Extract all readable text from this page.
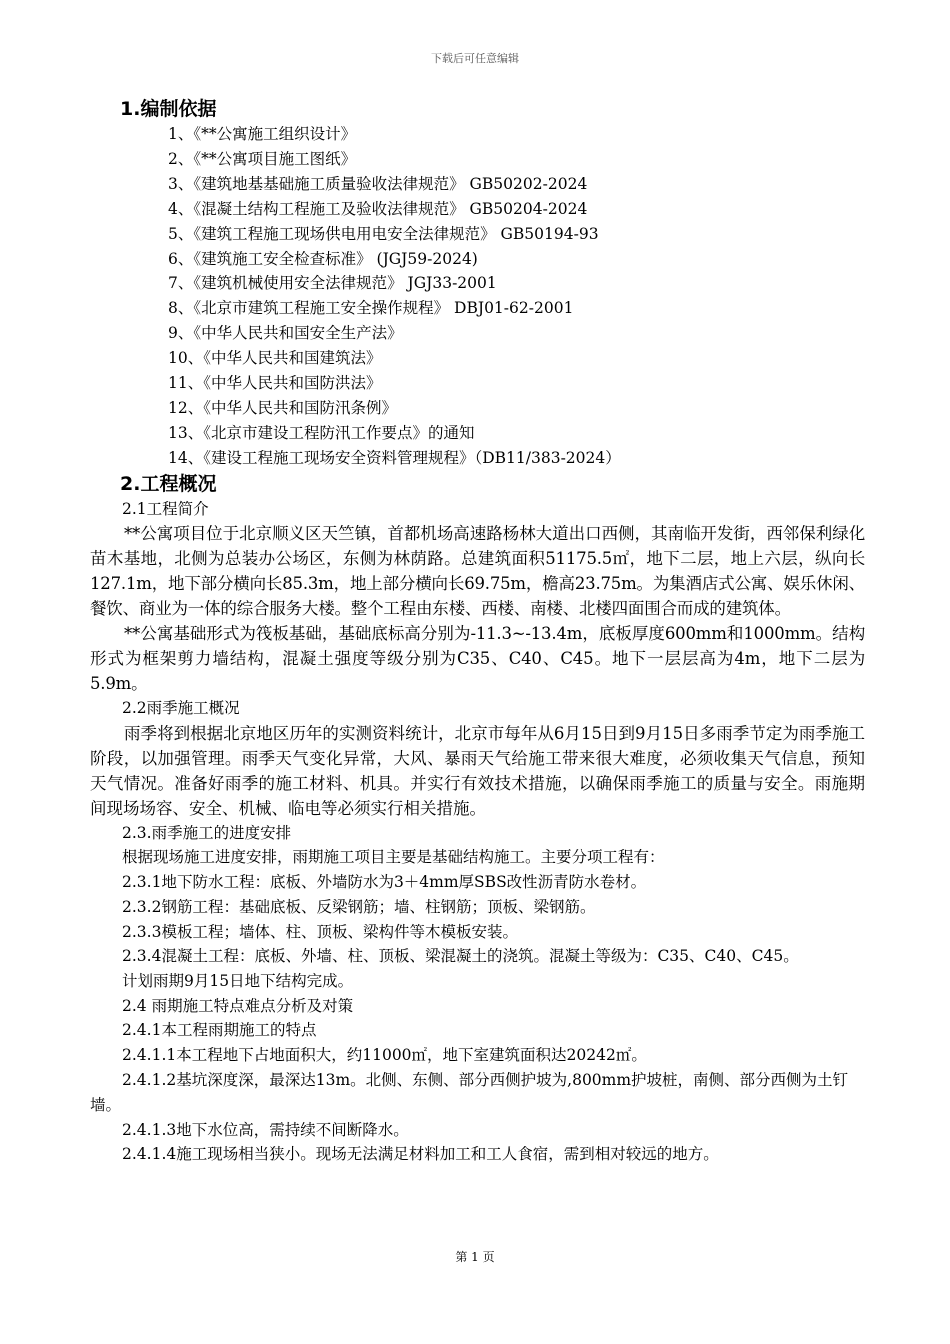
下载后可任意编辑
1.编制依据
1、《**公寓施工组织设计》
2、《**公寓项目施工图纸》
3、《建筑地基基础施工质量验收法律规范》 GB50202-2024
4、《混凝土结构工程施工及验收法律规范》 GB50204-2024
5、《建筑工程施工现场供电用电安全法律规范》 GB50194-93
6、《建筑施工安全检查标准》 (JGJ59-2024)
7、《建筑机械使用安全法律规范》 JGJ33-2001
8、《北京市建筑工程施工安全操作规程》 DBJ01-62-2001
9、《中华人民共和国安全生产法》
10、《中华人民共和国建筑法》
11、《中华人民共和国防洪法》
12、《中华人民共和国防汛条例》
13、《北京市建设工程防汛工作要点》的通知
14、《建设工程施工现场安全资料管理规程》（DB11/383-2024）
2.工程概况
2.1工程简介
**公寓项目位于北京顺义区天竺镇，首都机场高速路杨林大道出口西侧，其南临开发街，西邻保利绿化苗木基地，北侧为总装办公场区，东侧为林荫路。总建筑面积51175.5㎡，地下二层，地上六层，纵向长127.1m，地下部分横向长85.3m，地上部分横向长69.75m，檐高23.75m。为集酒店式公寓、娱乐休闲、餐饮、商业为一体的综合服务大楼。整个工程由东楼、西楼、南楼、北楼四面围合而成的建筑体。
**公寓基础形式为筏板基础，基础底标高分别为-11.3~-13.4m，底板厚度600mm和1000mm。结构形式为框架剪力墙结构，混凝土强度等级分别为C35、C40、C45。地下一层层高为4m，地下二层为5.9m。
2.2雨季施工概况
雨季将到根据北京地区历年的实测资料统计，北京市每年从6月15日到9月15日多雨季节定为雨季施工阶段，以加强管理。雨季天气变化异常，大风、暴雨天气给施工带来很大难度，必须收集天气信息，预知天气情况。准备好雨季的施工材料、机具。并实行有效技术措施，以确保雨季施工的质量与安全。雨施期间现场场容、安全、机械、临电等必须实行相关措施。
2.3.雨季施工的进度安排
根据现场施工进度安排，雨期施工项目主要是基础结构施工。主要分项工程有：
2.3.1地下防水工程：底板、外墙防水为3＋4mm厚SBS改性沥青防水卷材。
2.3.2钢筋工程：基础底板、反梁钢筋；墙、柱钢筋；顶板、梁钢筋。
2.3.3模板工程；墙体、柱、顶板、梁构件等木模板安装。
2.3.4混凝土工程：底板、外墙、柱、顶板、梁混凝土的浇筑。混凝土等级为：C35、C40、C45。
计划雨期9月15日地下结构完成。
2.4 雨期施工特点难点分析及对策
2.4.1本工程雨期施工的特点
2.4.1.1本工程地下占地面积大，约11000㎡，地下室建筑面积达20242㎡。
2.4.1.2基坑深度深，最深达13m。北侧、东侧、部分西侧护坡为,800mm护坡桩，南侧、部分西侧为土钉墙。
2.4.1.3地下水位高，需持续不间断降水。
2.4.1.4施工现场相当狭小。现场无法满足材料加工和工人食宿，需到相对较远的地方。
第 1 页
